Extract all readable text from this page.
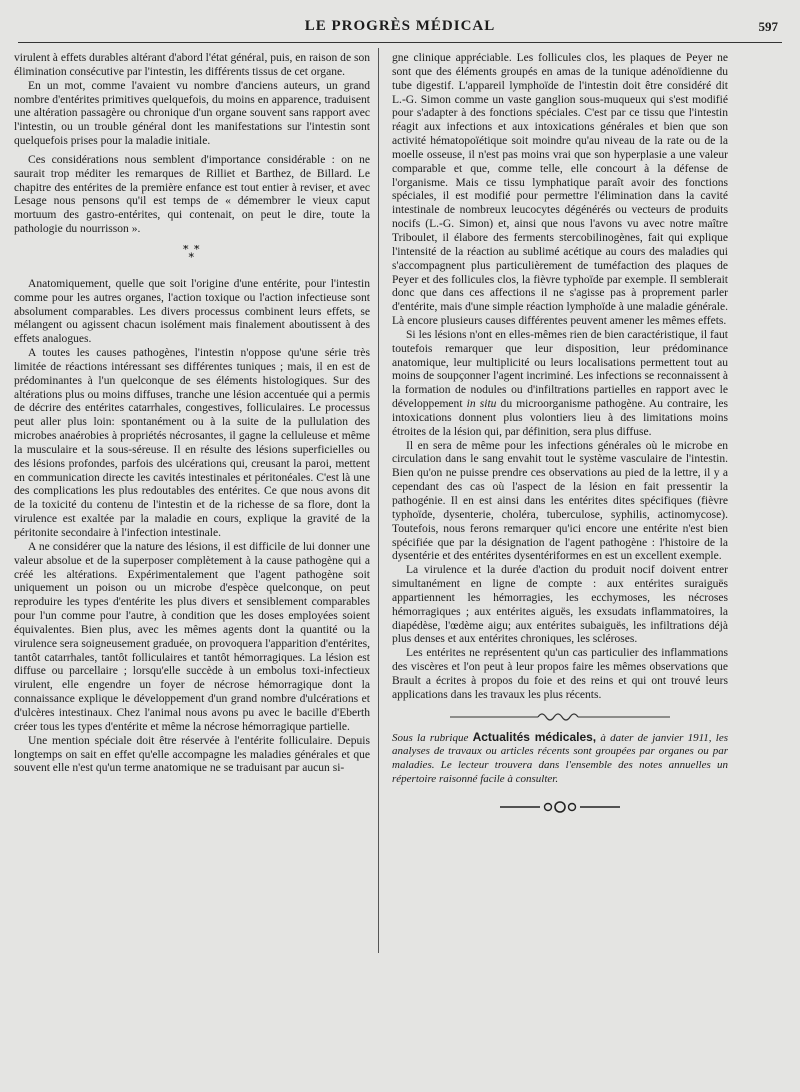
LE PROGRÈS MÉDICAL	597

virulent à effets durables altérant d'abord l'état général, puis, en raison de son élimination consécutive par l'intestin, les différents tissus de cet organe.

En un mot, comme l'avaient vu nombre d'anciens auteurs, un grand nombre d'entérites primitives quelquefois, du moins en apparence, traduisent une altération passagère ou chronique d'un organe souvent sans rapport avec l'intestin, ou un trouble général dont les manifestations sur l'intestin sont quelquefois prises pour la maladie initiale.

Ces considérations nous semblent d'importance considérable : on ne saurait trop méditer les remarques de Rilliet et Barthez, de Billard. Le chapitre des entérites de la première enfance est tout entier à reviser, et avec Lesage nous pensons qu'il est temps de « démembrer le vieux caput mortuum des gastro-entérites, qui contenait, on peut le dire, toute la pathologie du nourrisson ».

* *
*

Anatomiquement, quelle que soit l'origine d'une entérite, pour l'intestin comme pour les autres organes, l'action toxique ou l'action infectieuse sont absolument comparables. Les divers processus combinent leurs effets, se mélangent ou agissent chacun isolément mais finalement aboutissent à des effets analogues.

A toutes les causes pathogènes, l'intestin n'oppose qu'une série très limitée de réactions intéressant ses différentes tuniques ; mais, il en est de prédominantes à l'un quelconque de ses éléments histologiques. Sur des altérations plus ou moins diffuses, tranche une lésion accentuée qui a permis de décrire des entérites catarrhales, congestives, folliculaires. Le processus peut aller plus loin: spontanément ou à la suite de la pullulation des microbes anaérobies à propriétés nécrosantes, il gagne la celluleuse et même la musculaire et la sous-séreuse. Il en résulte des lésions superficielles ou des lésions profondes, parfois des ulcérations qui, creusant la paroi, mettent en communication directe les cavités intestinales et péritonéales. C'est là une des complications les plus redoutables des entérites. Ce que nous avons dit de la toxicité du contenu de l'intestin et de la richesse de sa flore, dont la virulence est exaltée par la maladie en cours, explique la gravité de la péritonite secondaire à l'infection intestinale.

A ne considérer que la nature des lésions, il est difficile de lui donner une valeur absolue et de la superposer complètement à la cause pathogène qui a créé les altérations. Expérimentalement que l'agent pathogène soit uniquement un poison ou un microbe d'espèce quelconque, on peut reproduire les types d'entérite les plus divers et sensiblement comparables pour l'un comme pour l'autre, à condition que les doses employées soient équivalentes. Bien plus, avec les mêmes agents dont la quantité ou la virulence sera soigneusement graduée, on provoquera l'apparition d'entérites, tantôt catarrhales, tantôt folliculaires et tantôt hémorragiques. La lésion est diffuse ou parcellaire ; lorsqu'elle succède à un embolus toxi-infectieux virulent, elle engendre un foyer de nécrose hémorragique dont la connaissance explique le développement d'un grand nombre d'ulcérations et d'ulcères intestinaux. Chez l'animal nous avons pu avec le bacille d'Eberth créer tous les types d'entérite et même la nécrose hémorragique partielle.

Une mention spéciale doit être réservée à l'entérite folliculaire. Depuis longtemps on sait en effet qu'elle accompagne les maladies générales et que souvent elle n'est qu'un terme anatomique ne se traduisant par aucun si-

gne clinique appréciable. Les follicules clos, les plaques de Peyer ne sont que des éléments groupés en amas de la tunique adénoïdienne du tube digestif. L'appareil lymphoïde de l'intestin doit être considéré dit L.-G. Simon comme un vaste ganglion sous-muqueux qui s'est modifié pour s'adapter à des fonctions spéciales. C'est par ce tissu que l'intestin réagit aux infections et aux intoxications générales et bien que son activité hématopoïétique soit moindre qu'au niveau de la rate ou de la moelle osseuse, il n'est pas moins vrai que son hyperplasie a une valeur comparable et que, comme telle, elle concourt à la défense de l'organisme. Mais ce tissu lymphatique paraît avoir des fonctions spéciales, il est modifié pour permettre l'élimination dans la cavité intestinale de nombreux leucocytes dégénérés ou vecteurs de produits nocifs (L.-G. Simon) et, ainsi que nous l'avons vu avec notre maître Triboulet, il élabore des ferments stercobilinogènes, fait qui explique l'intensité de la réaction au sublimé acétique au cours des maladies qui s'accompagnent plus particulièrement de tuméfaction des plaques de Peyer et des follicules clos, la fièvre typhoïde par exemple. Il semblerait donc que dans ces affections il ne s'agisse pas à proprement parler d'entérite, mais d'une simple réaction lymphoïde à une maladie générale. Là encore plusieurs causes différentes peuvent amener les mêmes effets.

Si les lésions n'ont en elles-mêmes rien de bien caractéristique, il faut toutefois remarquer que leur disposition, leur prédominance anatomique, leur multiplicité ou leurs localisations permettent tout au moins de soupçonner l'agent incriminé. Les infections se reconnaissent à la formation de nodules ou d'infiltrations partielles en rapport avec le développement in situ du microorganisme pathogène. Au contraire, les intoxications donnent plus volontiers lieu à des limitations moins étroites de la lésion qui, par définition, sera plus diffuse.

Il en sera de même pour les infections générales où le microbe en circulation dans le sang envahit tout le système vasculaire de l'intestin. Bien qu'on ne puisse prendre ces observations au pied de la lettre, il y a cependant des cas où l'aspect de la lésion en fait pressentir la pathogénie. Il en est ainsi dans les entérites dites spécifiques (fièvre typhoïde, dysenterie, choléra, tuberculose, syphilis, actinomycose). Toutefois, nous ferons remarquer qu'ici encore une entérite n'est bien spécifiée que par la désignation de l'agent pathogène : l'histoire de la dysentérie et des entérites dysentériformes en est un excellent exemple.

La virulence et la durée d'action du produit nocif doivent entrer simultanément en ligne de compte : aux entérites suraiguës appartiennent les hémorragies, les ecchymoses, les nécroses hémorragiques ; aux entérites aiguës, les exsudats inflammatoires, la diapédèse, l'œdème aigu; aux entérites subaiguës, les infiltrations déjà plus denses et aux entérites chroniques, les scléroses.

Les entérites ne représentent qu'un cas particulier des inflammations des viscères et l'on peut à leur propos faire les mêmes observations que Brault a écrites à propos du foie et des reins et qui ont trouvé leurs applications dans les travaux les plus récents.

Sous la rubrique Actualités médicales, à dater de janvier 1911, les analyses de travaux ou articles récents sont groupées par organes ou par maladies. Le lecteur trouvera dans l'ensemble des notes annuelles un répertoire raisonné facile à consulter.
